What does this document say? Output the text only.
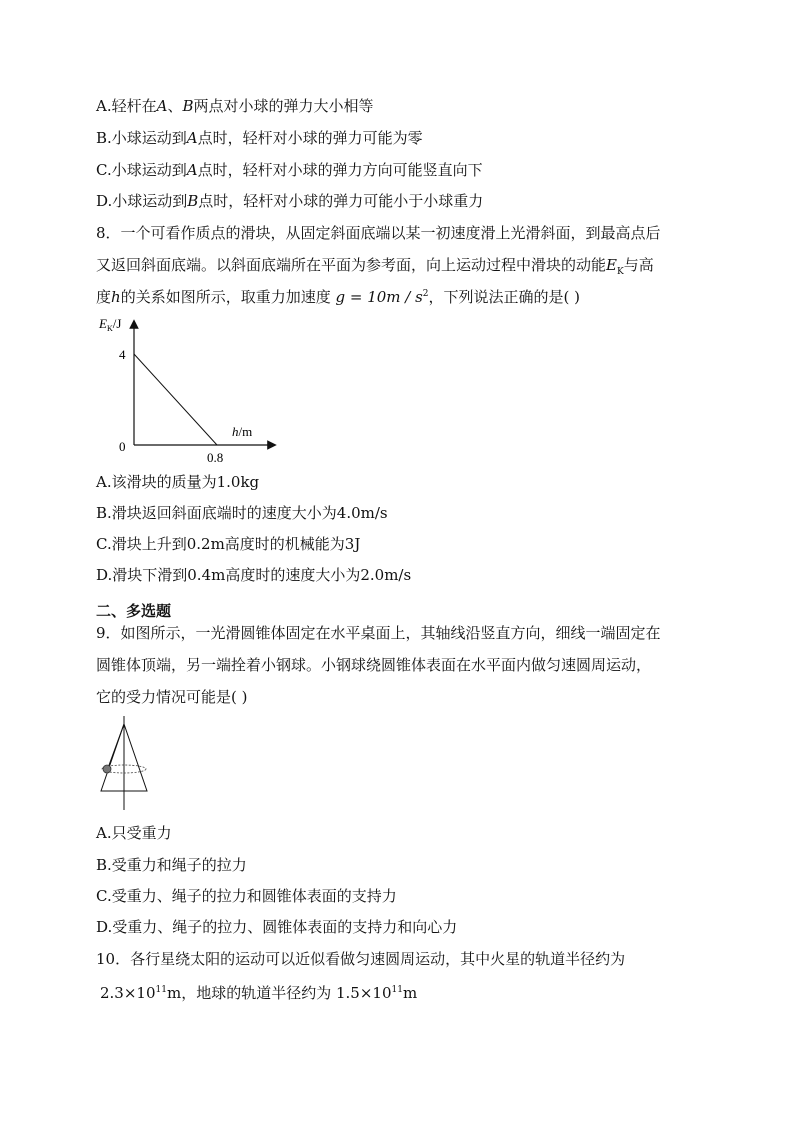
A.轻杆在A、B两点对小球的弹力大小相等
B.小球运动到A点时，轻杆对小球的弹力可能为零
C.小球运动到A点时，轻杆对小球的弹力方向可能竖直向下
D.小球运动到B点时，轻杆对小球的弹力可能小于小球重力
8．一个可看作质点的滑块，从固定斜面底端以某一初速度滑上光滑斜面，到最高点后
又返回斜面底端。以斜面底端所在平面为参考面，向上运动过程中滑块的动能$E_K$与高
度h的关系如图所示，取重力加速度 $g = 10m / s^2$，下列说法正确的是( )
$E_K/J$
4
0
0.8
h/m
A.该滑块的质量为1.0kg
B.滑块返回斜面底端时的速度大小为4.0m/s
C.滑块上升到0.2m高度时的机械能为3J
D.滑块下滑到0.4m高度时的速度大小为2.0m/s
二、多选题
9．如图所示，一光滑圆锥体固定在水平桌面上，其轴线沿竖直方向，细线一端固定在
圆锥体顶端，另一端拴着小钢球。小钢球绕圆锥体表面在水平面内做匀速圆周运动，
它的受力情况可能是( )
A.只受重力
B.受重力和绳子的拉力
C.受重力、绳子的拉力和圆锥体表面的支持力
D.受重力、绳子的拉力、圆锥体表面的支持力和向心力
10．各行星绕太阳的运动可以近似看做匀速圆周运动，其中火星的轨道半径约为
$2.3\times 10^{11}m$，地球的轨道半径约为 $1.5\times 10^{11}m$
